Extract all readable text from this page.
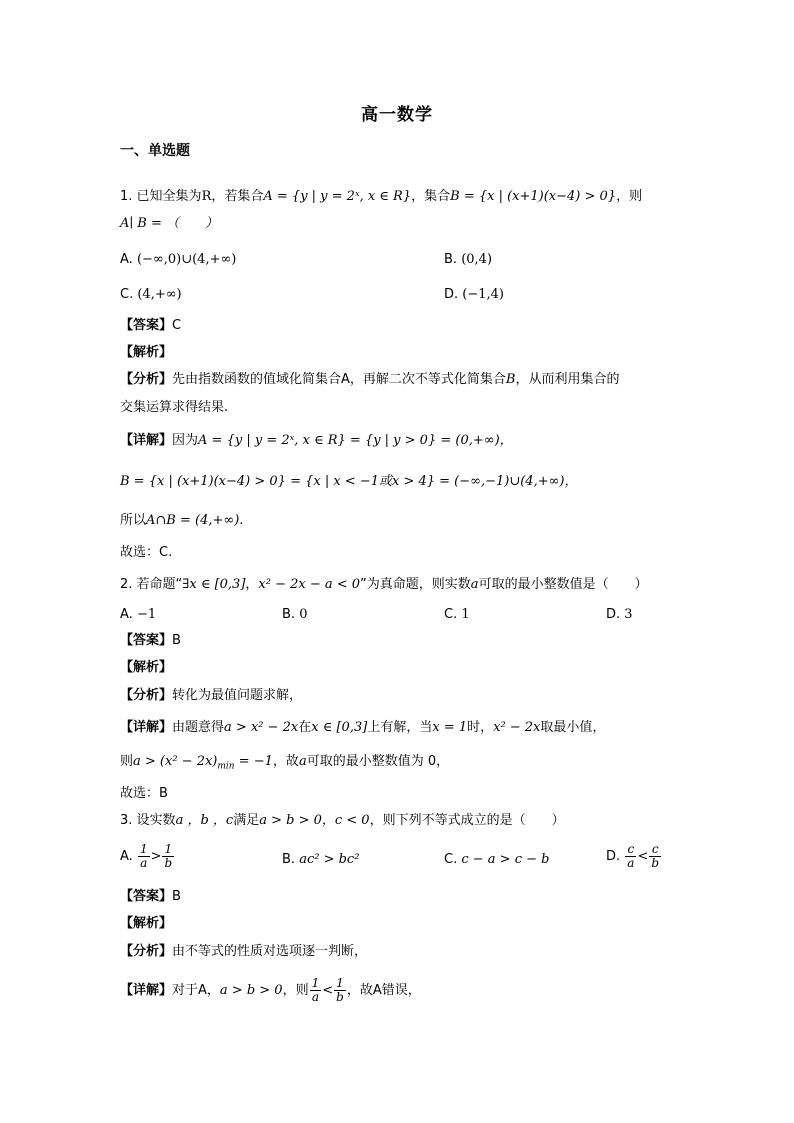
高一数学
一、单选题
1. 已知全集为R，若集合A = {y | y = 2ˣ, x ∈ R}，集合B = {x | (x+1)(x−4) > 0}，则
A∣ B = （　　）
A. (−∞,0)∪(4,+∞)	B. (0,4)
C. (4,+∞)	D. (−1,4)
【答案】C
【解析】
【分析】先由指数函数的值域化简集合A，再解二次不等式化简集合B，从而利用集合的
交集运算求得结果.
【详解】因为A = {y | y = 2ˣ, x ∈ R} = {y | y > 0} = (0,+∞)，
B = {x | (x+1)(x−4) > 0} = {x | x < −1或x > 4} = (−∞,−1)∪(4,+∞)，
所以A∩B = (4,+∞).
故选：C.
2. 若命题“∃x ∈ [0,3]，x² − 2x − a < 0”为真命题，则实数a可取的最小整数值是（　　）
A. −1	B. 0	C. 1	D. 3
【答案】B
【解析】
【分析】转化为最值问题求解，
【详解】由题意得a > x² − 2x在x ∈ [0,3]上有解，当x = 1时，x² − 2x取最小值，
则$a > (x^2 - 2x)_{min} = -1$，故a可取的最小整数值为 0，
故选：B
3. 设实数a ，b ，c满足a > b > 0，c < 0，则下列不等式成立的是（　　）
A. $\frac{1}{a} > \frac{1}{b}$	B. ac² > bc²	C. c − a > c − b	D. $\frac{c}{a} < \frac{c}{b}$
【答案】B
【解析】
【分析】由不等式的性质对选项逐一判断，
【详解】对于A，a > b > 0，则 $\frac{1}{a} < \frac{1}{b}$ ，故A错误，
